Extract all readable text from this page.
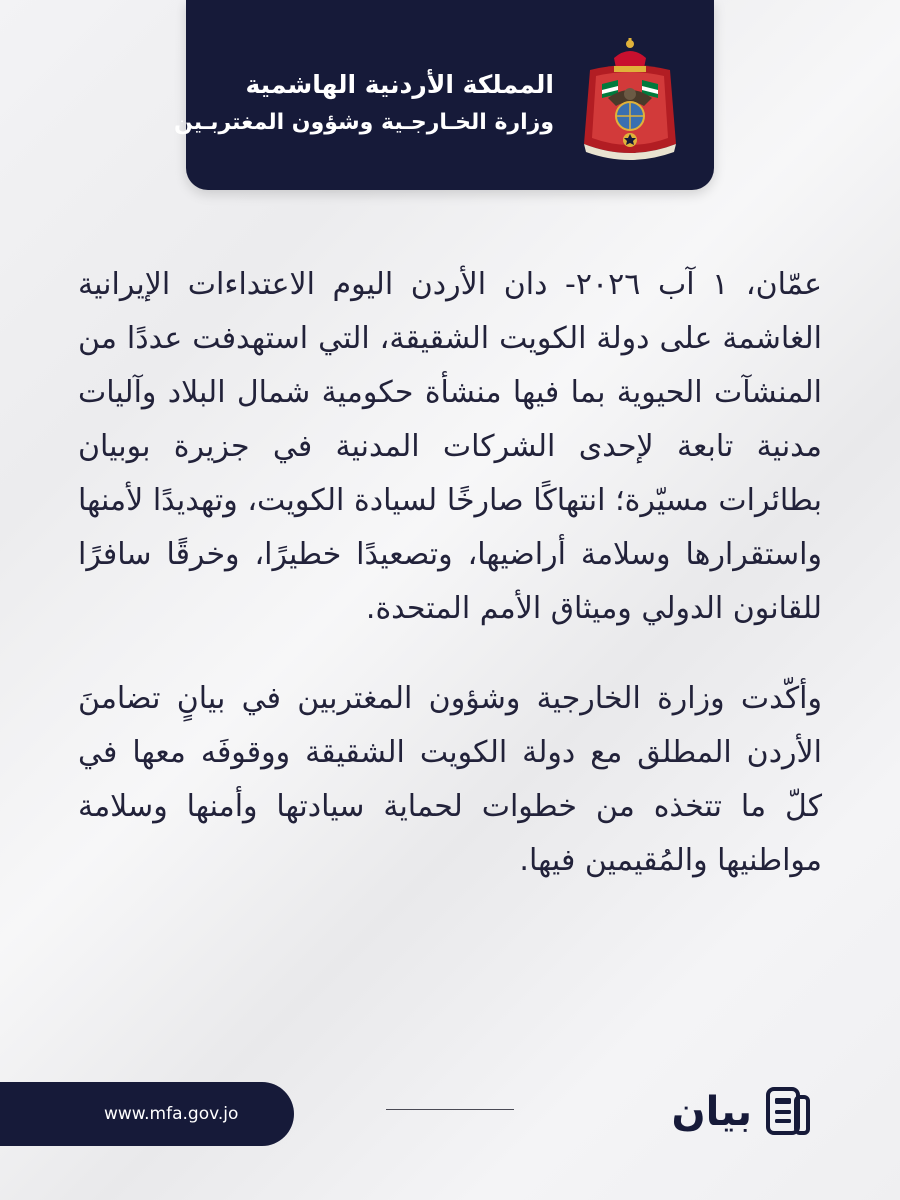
المملكة الأردنية الهاشمية
وزارة الخـارجـية وشؤون المغتربـين

عمّان، ١ آب ٢٠٢٦- دان الأردن اليوم الاعتداءات الإيرانية الغاشمة على دولة الكويت الشقيقة، التي استهدفت عددًا من المنشآت الحيوية بما فيها منشأة حكومية شمال البلاد وآليات مدنية تابعة لإحدى الشركات المدنية في جزيرة بوبيان بطائرات مسيّرة؛ انتهاكًا صارخًا لسيادة الكويت، وتهديدًا لأمنها واستقرارها وسلامة أراضيها، وتصعيدًا خطيرًا، وخرقًا سافرًا للقانون الدولي وميثاق الأمم المتحدة.

وأكّدت وزارة الخارجية وشؤون المغتربين في بيانٍ تضامنَ الأردن المطلق مع دولة الكويت الشقيقة ووقوفَه معها في كلّ ما تتخذه من خطوات لحماية سيادتها وأمنها وسلامة مواطنيها والمُقيمين فيها.

www.mfa.gov.jo	بيان
